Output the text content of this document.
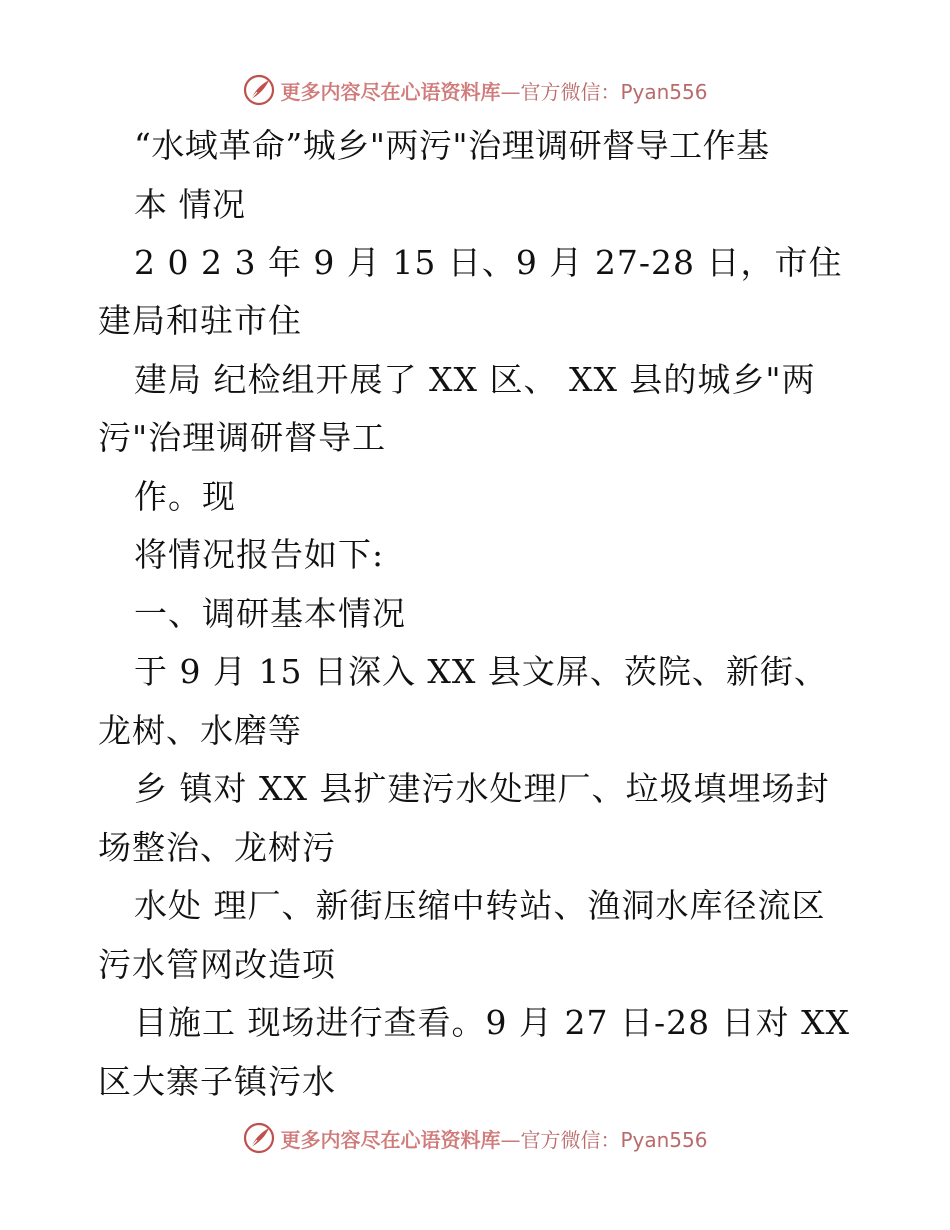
更多内容尽在心语资料库—官方微信：Pyan556
“水域革命”城乡"两污"治理调研督导工作基
本 情况
2 0 2 3 年 9 月 15 日、9 月 27-28 日，市住
建局和驻市住
建局 纪检组开展了 XX 区、 XX 县的城乡"两
污"治理调研督导工
作。现
将情况报告如下:
一、调研基本情况
于 9 月 15 日深入 XX 县文屏、茨院、新街、
龙树、水磨等
乡 镇对 XX 县扩建污水处理厂、垃圾填埋场封
场整治、龙树污
水处 理厂、新街压缩中转站、渔洞水库径流区
污水管网改造项
目施工 现场进行查看。9 月 27 日-28 日对 XX
区大寨子镇污水
更多内容尽在心语资料库—官方微信：Pyan556
